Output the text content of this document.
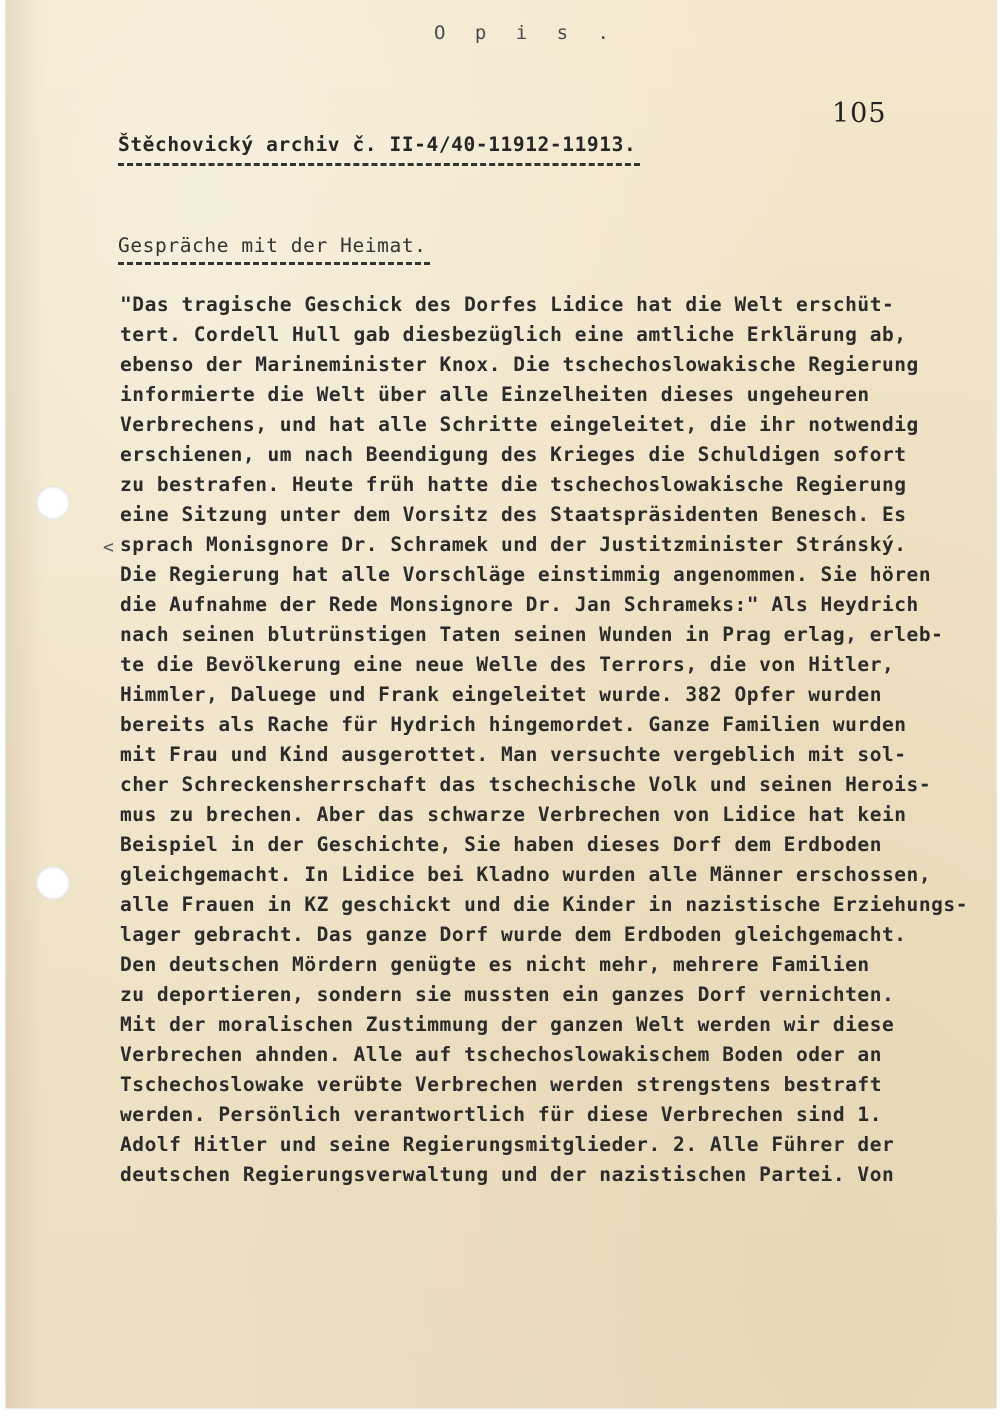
O p i s .

105

Štěchovický archiv č. II-4/40-11912-11913.

Gespräche mit der Heimat.

<
"Das tragische Geschick des Dorfes Lidice hat die Welt erschüt-
tert. Cordell Hull gab diesbezüglich eine amtliche Erklärung ab,
ebenso der Marineminister Knox. Die tschechoslowakische Regierung
informierte die Welt über alle Einzelheiten dieses ungeheuren
Verbrechens, und hat alle Schritte eingeleitet, die ihr notwendig
erschienen, um nach Beendigung des Krieges die Schuldigen sofort
zu bestrafen. Heute früh hatte die tschechoslowakische Regierung
eine Sitzung unter dem Vorsitz des Staatspräsidenten Benesch. Es
sprach Monisgnore Dr. Schramek und der Justitzminister Stránský.
Die Regierung hat alle Vorschläge einstimmig angenommen. Sie hören
die Aufnahme der Rede Monsignore Dr. Jan Schrameks:" Als Heydrich
nach seinen blutrünstigen Taten seinen Wunden in Prag erlag, erleb-
te die Bevölkerung eine neue Welle des Terrors, die von Hitler,
Himmler, Daluege und Frank eingeleitet wurde. 382 Opfer wurden
bereits als Rache für Hydrich hingemordet. Ganze Familien wurden
mit Frau und Kind ausgerottet. Man versuchte vergeblich mit sol-
cher Schreckensherrschaft das tschechische Volk und seinen Herois-
mus zu brechen. Aber das schwarze Verbrechen von Lidice hat kein
Beispiel in der Geschichte, Sie haben dieses Dorf dem Erdboden
gleichgemacht. In Lidice bei Kladno wurden alle Männer erschossen,
alle Frauen in KZ geschickt und die Kinder in nazistische Erziehungs-
lager gebracht. Das ganze Dorf wurde dem Erdboden gleichgemacht.
Den deutschen Mördern genügte es nicht mehr, mehrere Familien
zu deportieren, sondern sie mussten ein ganzes Dorf vernichten.
Mit der moralischen Zustimmung der ganzen Welt werden wir diese
Verbrechen ahnden. Alle auf tschechoslowakischem Boden oder an
Tschechoslowake verübte Verbrechen werden strengstens bestraft
werden. Persönlich verantwortlich für diese Verbrechen sind 1.
Adolf Hitler und seine Regierungsmitglieder. 2. Alle Führer der
deutschen Regierungsverwaltung und der nazistischen Partei. Von
